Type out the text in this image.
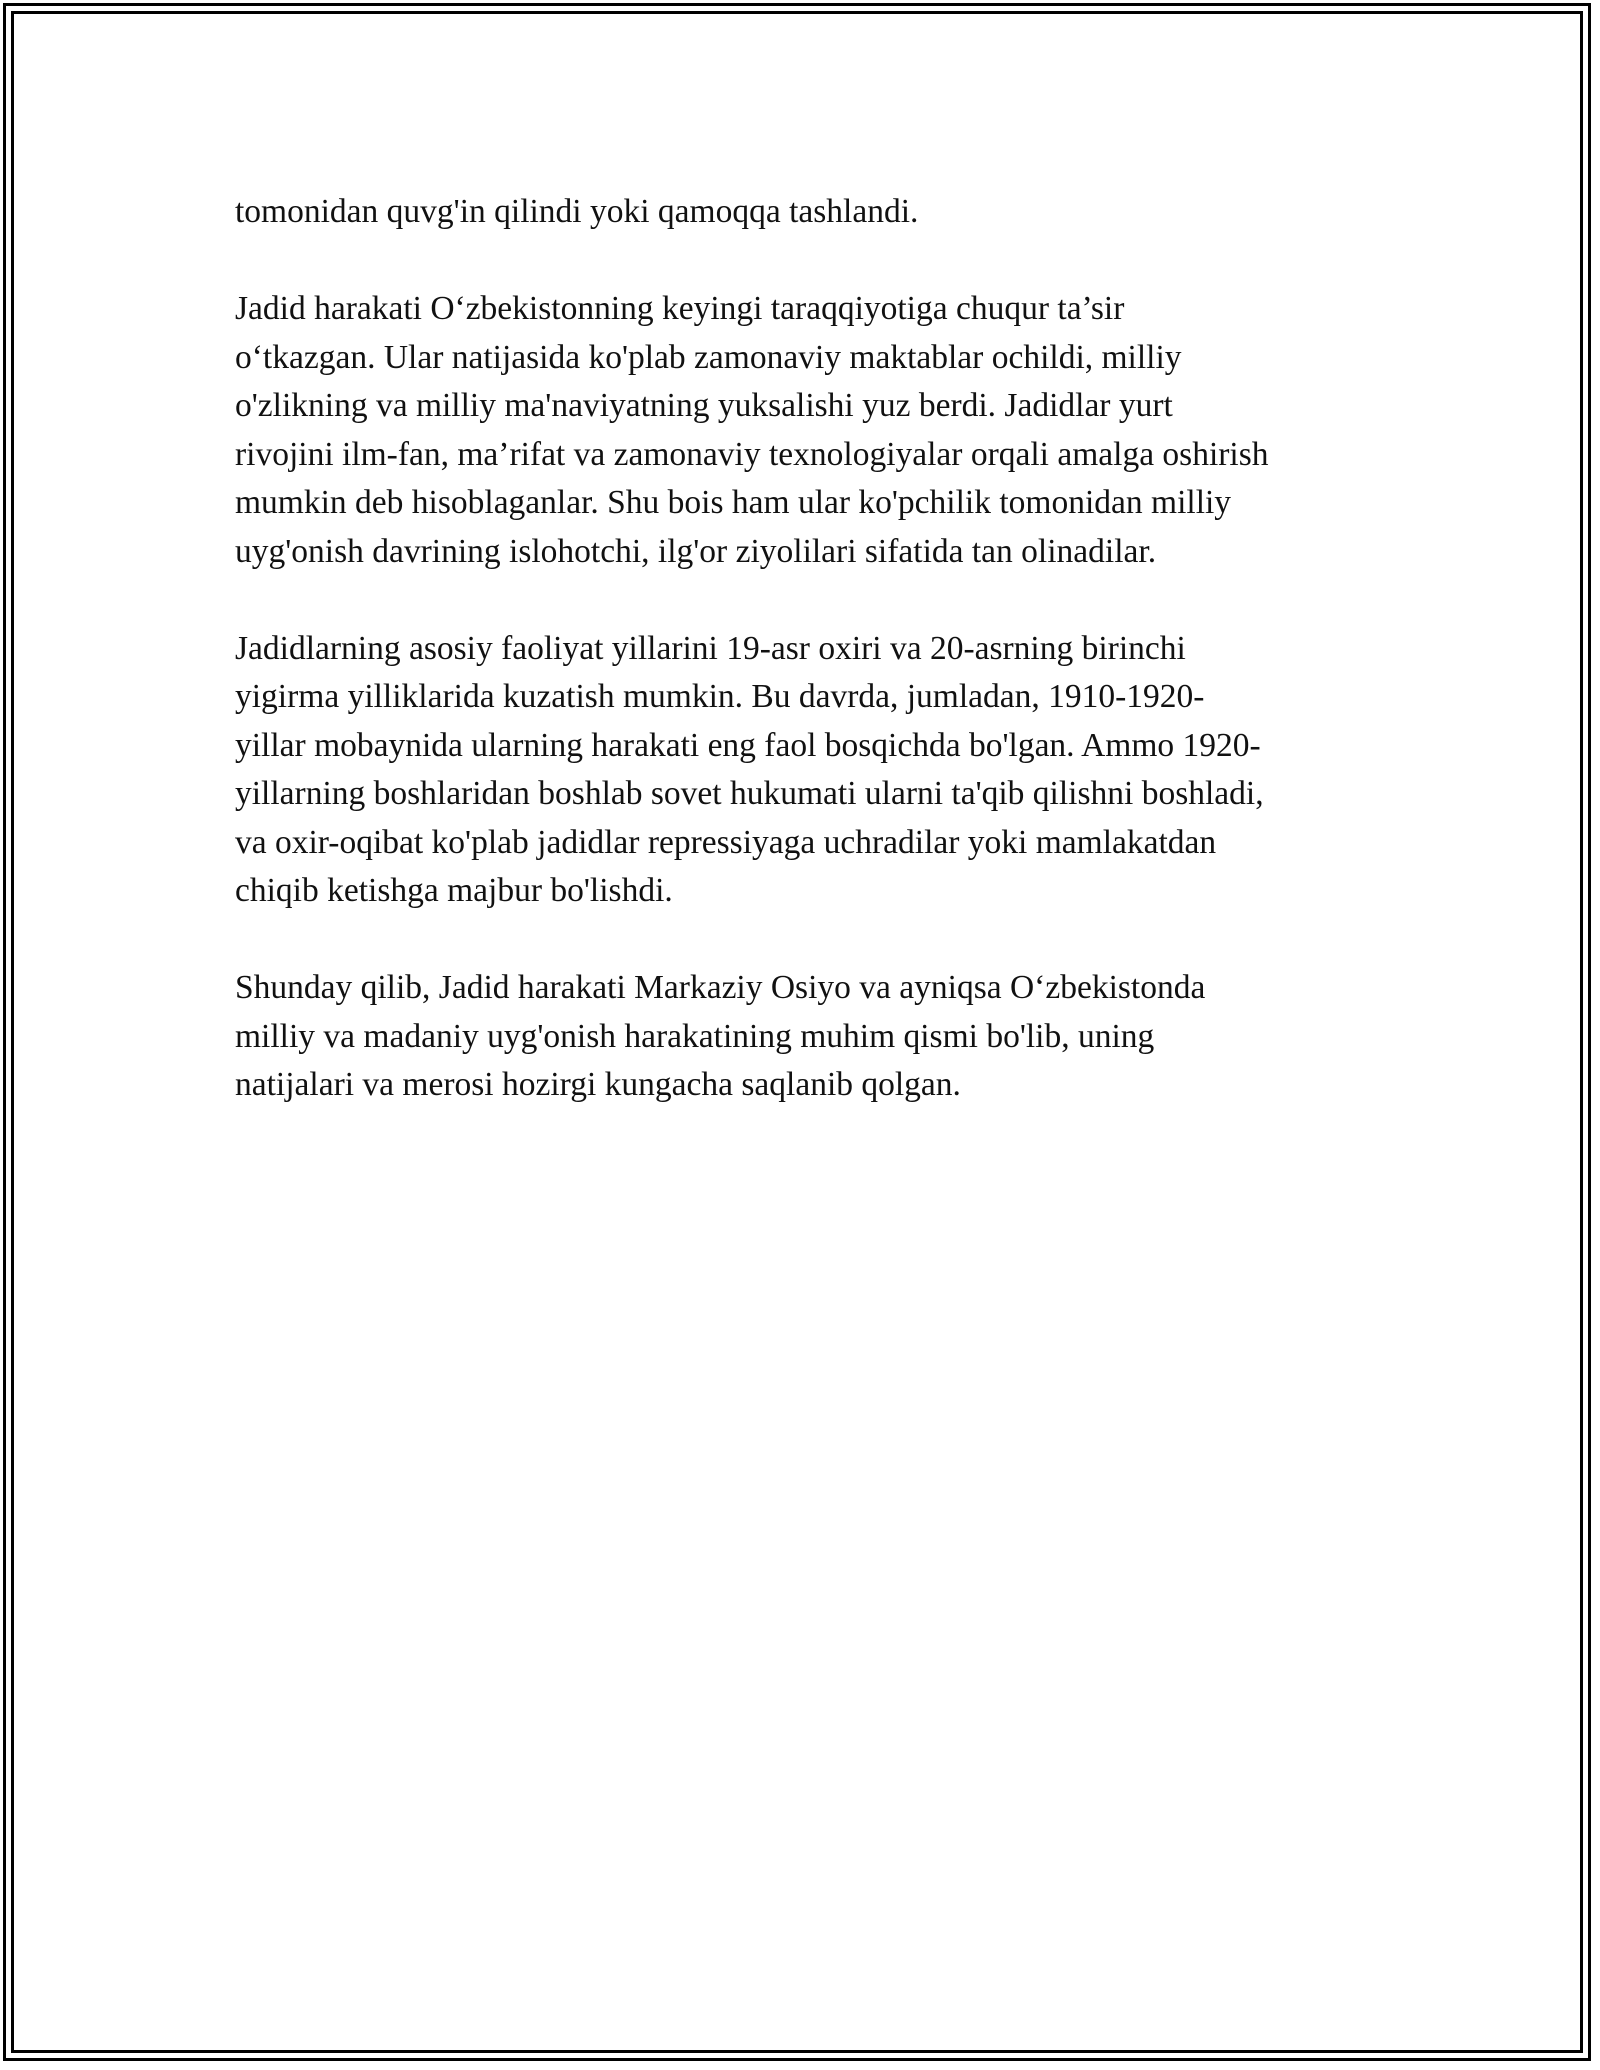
tomonidan quvg'in qilindi yoki qamoqqa tashlandi.

Jadid harakati O‘zbekistonning keyingi taraqqiyotiga chuqur ta’sir
o‘tkazgan. Ular natijasida ko'plab zamonaviy maktablar ochildi, milliy
o'zlikning va milliy ma'naviyatning yuksalishi yuz berdi. Jadidlar yurt
rivojini ilm-fan, ma’rifat va zamonaviy texnologiyalar orqali amalga oshirish
mumkin deb hisoblaganlar. Shu bois ham ular ko'pchilik tomonidan milliy
uyg'onish davrining islohotchi, ilg'or ziyolilari sifatida tan olinadilar.

Jadidlarning asosiy faoliyat yillarini 19-asr oxiri va 20-asrning birinchi
yigirma yilliklarida kuzatish mumkin. Bu davrda, jumladan, 1910-1920-
yillar mobaynida ularning harakati eng faol bosqichda bo'lgan. Ammo 1920-
yillarning boshlaridan boshlab sovet hukumati ularni ta'qib qilishni boshladi,
va oxir-oqibat ko'plab jadidlar repressiyaga uchradilar yoki mamlakatdan
chiqib ketishga majbur bo'lishdi.

Shunday qilib, Jadid harakati Markaziy Osiyo va ayniqsa O‘zbekistonda
milliy va madaniy uyg'onish harakatining muhim qismi bo'lib, uning
natijalari va merosi hozirgi kungacha saqlanib qolgan.
